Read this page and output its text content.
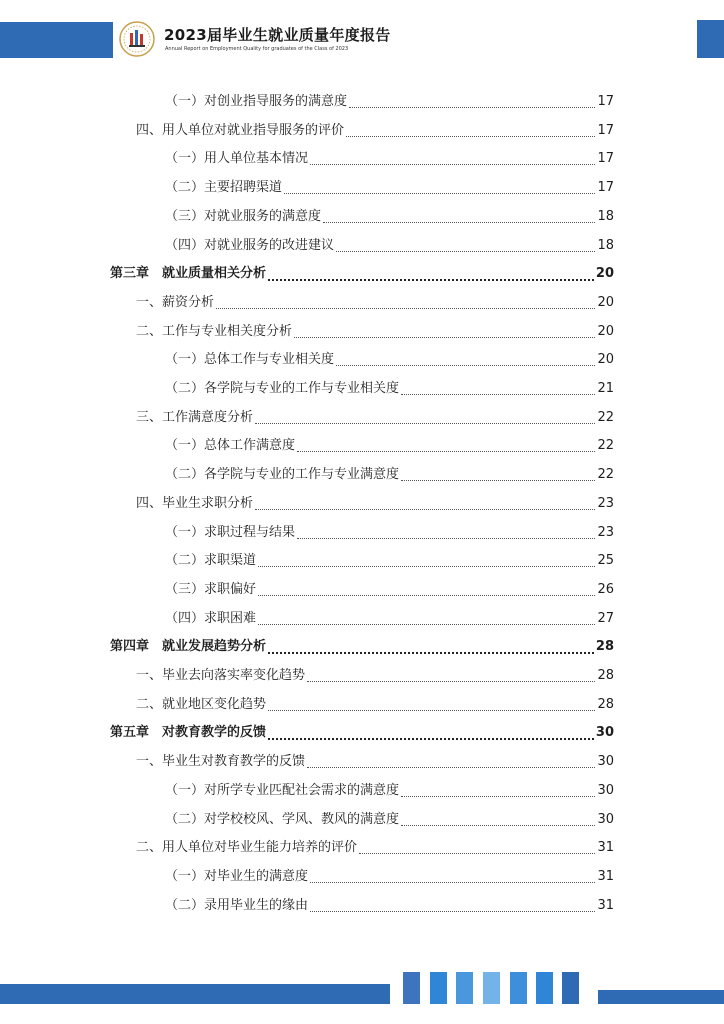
2023届毕业生就业质量年度报告
Annual Report on Employment Quality for graduates of the Class of 2023
（一）对创业指导服务的满意度	17
四、用人单位对就业指导服务的评价	17
（一）用人单位基本情况	17
（二）主要招聘渠道	17
（三）对就业服务的满意度	18
（四）对就业服务的改进建议	18
第三章　就业质量相关分析	20
一、薪资分析	20
二、工作与专业相关度分析	20
（一）总体工作与专业相关度	20
（二）各学院与专业的工作与专业相关度	21
三、工作满意度分析	22
（一）总体工作满意度	22
（二）各学院与专业的工作与专业满意度	22
四、毕业生求职分析	23
（一）求职过程与结果	23
（二）求职渠道	25
（三）求职偏好	26
（四）求职困难	27
第四章　就业发展趋势分析	28
一、毕业去向落实率变化趋势	28
二、就业地区变化趋势	28
第五章　对教育教学的反馈	30
一、毕业生对教育教学的反馈	30
（一）对所学专业匹配社会需求的满意度	30
（二）对学校校风、学风、教风的满意度	30
二、用人单位对毕业生能力培养的评价	31
（一）对毕业生的满意度	31
（二）录用毕业生的缘由	31
